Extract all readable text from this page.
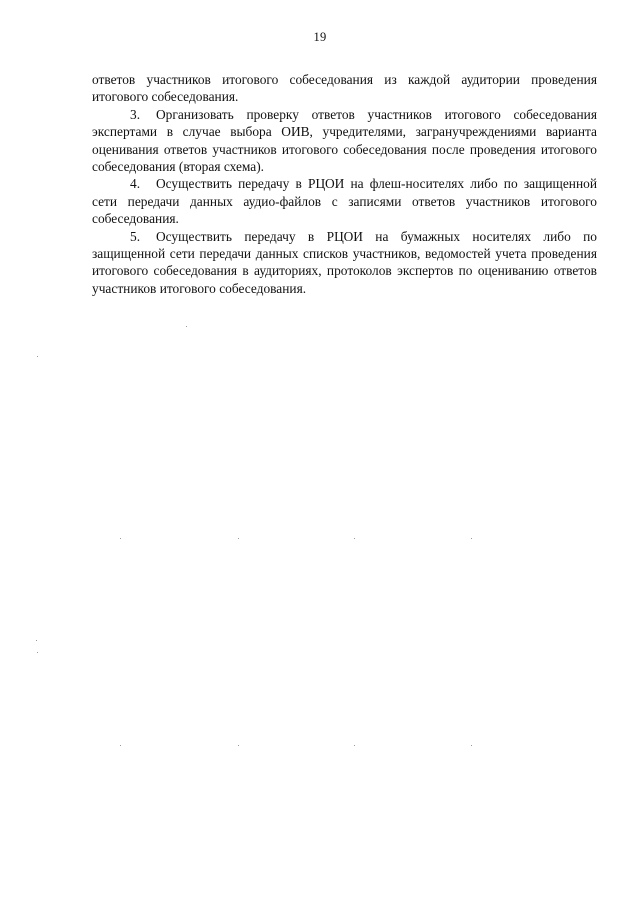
19

ответов участников итогового собеседования из каждой аудитории проведения итогового собеседования.

3. Организовать проверку ответов участников итогового собеседования экспертами в случае выбора ОИВ, учредителями, загранучреждениями варианта оценивания ответов участников итогового собеседования после проведения итогового собеседования (вторая схема).

4. Осуществить передачу в РЦОИ на флеш-носителях либо по защищенной сети передачи данных аудио-файлов с записями ответов участников итогового собеседования.

5. Осуществить передачу в РЦОИ на бумажных носителях либо по защищенной сети передачи данных списков участников, ведомостей учета проведения итогового собеседования в аудиториях, протоколов экспертов по оцениванию ответов участников итогового собеседования.
